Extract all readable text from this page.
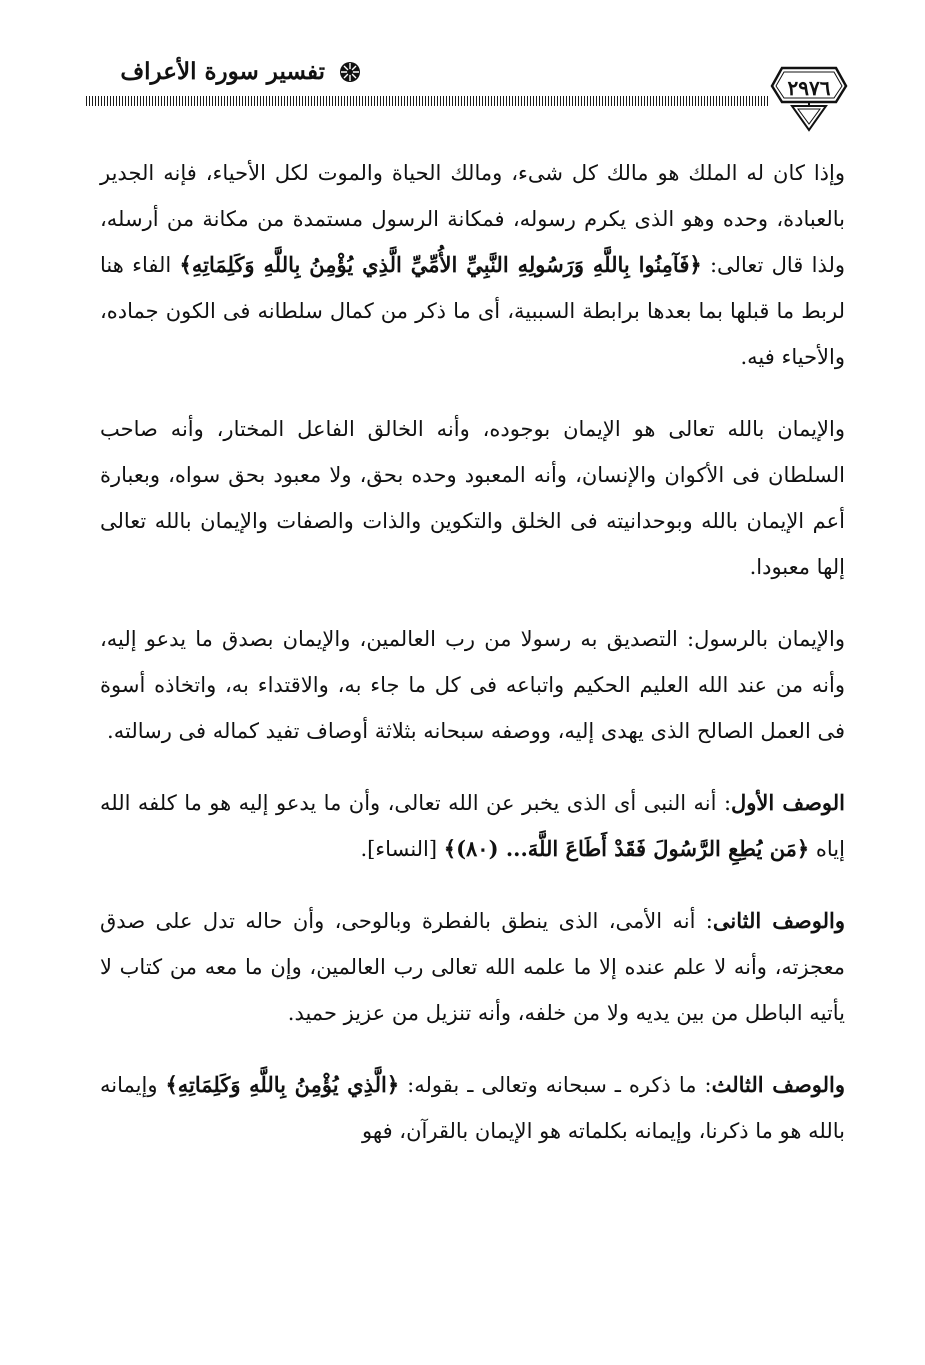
تفسير سورة الأعراف
٢٩٧٦

وإذا كان له الملك هو مالك كل شىء، ومالك الحياة والموت لكل الأحياء، فإنه الجدير بالعبادة، وحده وهو الذى يكرم رسوله، فمكانة الرسول مستمدة من مكانة من أرسله، ولذا قال تعالى: ﴿فَآمِنُوا بِاللَّهِ وَرَسُولِهِ النَّبِيِّ الأُمِّيِّ الَّذِي يُؤْمِنُ بِاللَّهِ وَكَلِمَاتِهِ﴾ الفاء هنا لربط ما قبلها بما بعدها برابطة السببية، أى ما ذكر من كمال سلطانه فى الكون جماده، والأحياء فيه.

والإيمان بالله تعالى هو الإيمان بوجوده، وأنه الخالق الفاعل المختار، وأنه صاحب السلطان فى الأكوان والإنسان، وأنه المعبود وحده بحق، ولا معبود بحق سواه، وبعبارة أعم الإيمان بالله وبوحدانيته فى الخلق والتكوين والذات والصفات والإيمان بالله تعالى إلها معبودا.

والإيمان بالرسول: التصديق به رسولا من رب العالمين، والإيمان بصدق ما يدعو إليه، وأنه من عند الله العليم الحكيم واتباعه فى كل ما جاء به، والاقتداء به، واتخاذه أسوة فى العمل الصالح الذى يهدى إليه، ووصفه سبحانه بثلاثة أوصاف تفيد كماله فى رسالته.

الوصف الأول: أنه النبى أى الذى يخبر عن الله تعالى، وأن ما يدعو إليه هو ما كلفه الله إياه ﴿مَن يُطِعِ الرَّسُولَ فَقَدْ أَطَاعَ اللَّهَ... (٨٠)﴾ [النساء].

والوصف الثانى: أنه الأمى، الذى ينطق بالفطرة وبالوحى، وأن حاله تدل على صدق معجزته، وأنه لا علم عنده إلا ما علمه الله تعالى رب العالمين، وإن ما معه من كتاب لا يأتيه الباطل من بين يديه ولا من خلفه، وأنه تنزيل من عزيز حميد.

والوصف الثالث: ما ذكره ـ سبحانه وتعالى ـ بقوله: ﴿الَّذِي يُؤْمِنُ بِاللَّهِ وَكَلِمَاتِهِ﴾ وإيمانه بالله هو ما ذكرنا، وإيمانه بكلماته هو الإيمان بالقرآن، فهو
